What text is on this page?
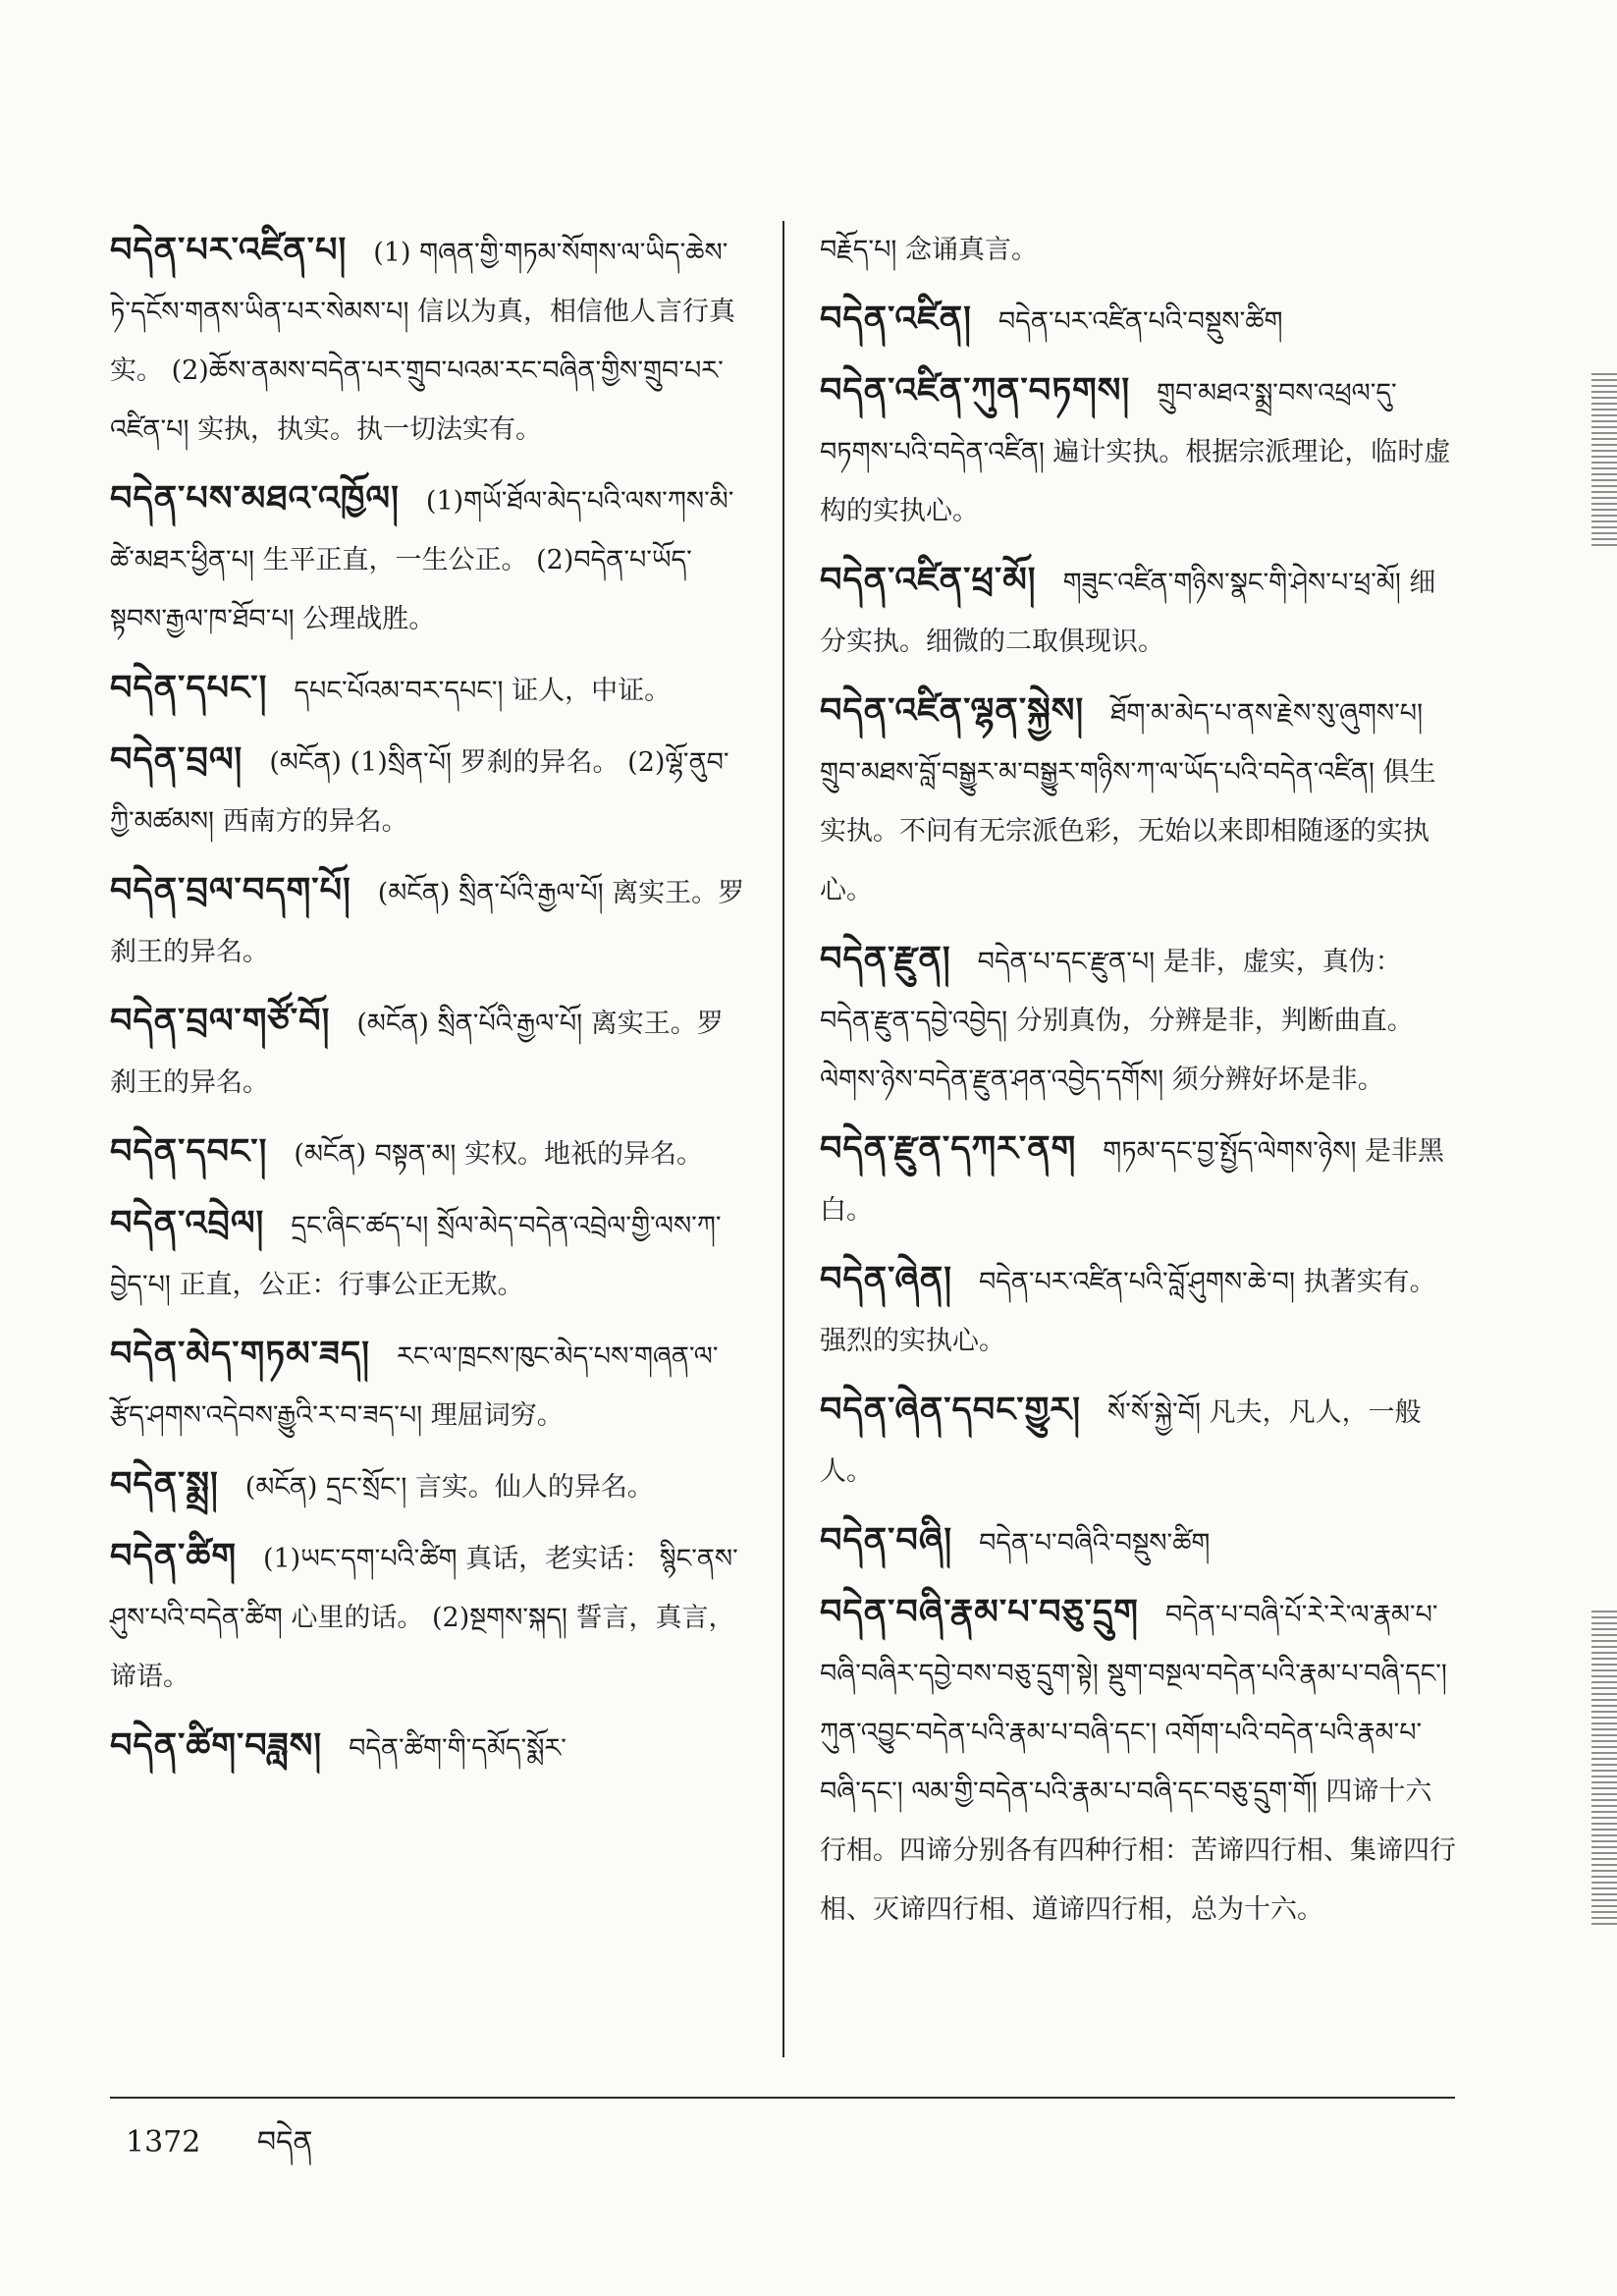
བདེན་པར་འཛིན་པ།  (1) གཞན་གྱི་གཏམ་སོགས་ལ་ཡིད་ཆེས་ཏེ་དངོས་གནས་ཡིན་པར་སེམས་པ། 信以为真，相信他人言行真实。 (2)ཆོས་ནམས་བདེན་པར་གྲུབ་པའམ་རང་བཞིན་གྱིས་གྲུབ་པར་འཛིན་པ། 实执，执实。执一切法实有。
བདེན་པས་མཐའ་འཁྱོལ།  (1)གཡོ་ཐོལ་མེད་པའི་ལས་ཀས་མི་ཚེ་མཐར་ཕྱིན་པ། 生平正直，一生公正。 (2)བདེན་པ་ཡོད་སྟབས་རྒྱལ་ཁ་ཐོབ་པ། 公理战胜。
བདེན་དཔང་།  དཔང་པོའམ་བར་དཔང་། 证人，中证。
བདེན་བྲལ།  (མངོན) (1)སྲིན་པོ། 罗刹的异名。 (2)ལྷོ་ནུབ་ཀྱི་མཚམས། 西南方的异名。
བདེན་བྲལ་བདག་པོ།  (མངོན) སྲིན་པོའི་རྒྱལ་པོ། 离实王。罗刹王的异名。
བདེན་བྲལ་གཙོ་བོ།  (མངོན) སྲིན་པོའི་རྒྱལ་པོ། 离实王。罗刹王的异名。
བདེན་དབང་།  (མངོན) བསྟན་མ། 实权。地祇的异名。
བདེན་འབྲེལ།  དྲང་ཞིང་ཚད་པ། སྲོལ་མེད་བདེན་འབྲེལ་གྱི་ལས་ཀ་བྱེད་པ། 正直，公正：行事公正无欺。
བདེན་མེད་གཏམ་ཟད།  རང་ལ་ཁྲངས་ཁུང་མེད་པས་གཞན་ལ་རྩོད་ཤགས་འདེབས་རྒྱུའི་ར་བ་ཟད་པ། 理屈词穷。
བདེན་སྨྲ།  (མངོན) དྲང་སྲོང་། 言实。仙人的异名。
བདེན་ཚིག  (1)ཡང་དག་པའི་ཚིག 真话，老实话： སྙིང་ནས་ཤུས་པའི་བདེན་ཚིག 心里的话。 (2)སྔགས་སྐད། 誓言，真言，谛语。
བདེན་ཚིག་བཟླས།  བདེན་ཚིག་གི་དམོད་སྨོར་
བརྗོད་པ། 念诵真言。
བདེན་འཛིན།  བདེན་པར་འཛིན་པའི་བསྡུས་ཚིག
བདེན་འཛིན་ཀུན་བཏགས།  གྲུབ་མཐའ་སྨྲ་བས་འཕྲལ་དུ་བཏགས་པའི་བདེན་འཛིན། 遍计实执。根据宗派理论，临时虚构的实执心。
བདེན་འཛིན་ཕྲ་མོ།  གཟུང་འཛིན་གཉིས་སྣང་གི་ཤེས་པ་ཕྲ་མོ། 细分实执。细微的二取俱现识。
བདེན་འཛིན་ལྷན་སྐྱེས།  ཐོག་མ་མེད་པ་ནས་རྗེས་སུ་ཞུགས་པ། གྲུབ་མཐས་བློ་བསྒྱུར་མ་བསྒྱུར་གཉིས་ཀ་ལ་ཡོད་པའི་བདེན་འཛིན། 俱生实执。不问有无宗派色彩，无始以来即相随逐的实执心。
བདེན་རྫུན།  བདེན་པ་དང་རྫུན་པ། 是非，虚实，真伪： བདེན་རྫུན་དབྱེ་འབྱེད། 分别真伪，分辨是非，判断曲直。 ལེགས་ཉེས་བདེན་རྫུན་ཤན་འབྱེད་དགོས། 须分辨好坏是非。
བདེན་རྫུན་དཀར་ནག  གཏམ་དང་བྱ་སྤྱོད་ལེགས་ཉེས། 是非黑白。
བདེན་ཞེན།  བདེན་པར་འཛིན་པའི་བློ་ཤུགས་ཆེ་བ། 执著实有。强烈的实执心。
བདེན་ཞེན་དབང་གྱུར།  སོ་སོ་སྐྱེ་བོ། 凡夫，凡人，一般人。
བདེན་བཞི།  བདེན་པ་བཞིའི་བསྡུས་ཚིག
བདེན་བཞི་རྣམ་པ་བཅུ་དྲུག  བདེན་པ་བཞི་པོ་རེ་རེ་ལ་རྣམ་པ་བཞི་བཞིར་དབྱེ་བས་བཅུ་དྲུག་སྟེ། སྡུག་བསྔལ་བདེན་པའི་རྣམ་པ་བཞི་དང་། ཀུན་འབྱུང་བདེན་པའི་རྣམ་པ་བཞི་དང་། འགོག་པའི་བདེན་པའི་རྣམ་པ་བཞི་དང་། ལམ་གྱི་བདེན་པའི་རྣམ་པ་བཞི་དང་བཅུ་དྲུག་གོ། 四谛十六行相。四谛分别各有四种行相：苦谛四行相、集谛四行相、灭谛四行相、道谛四行相，总为十六。
1372 བདེན
